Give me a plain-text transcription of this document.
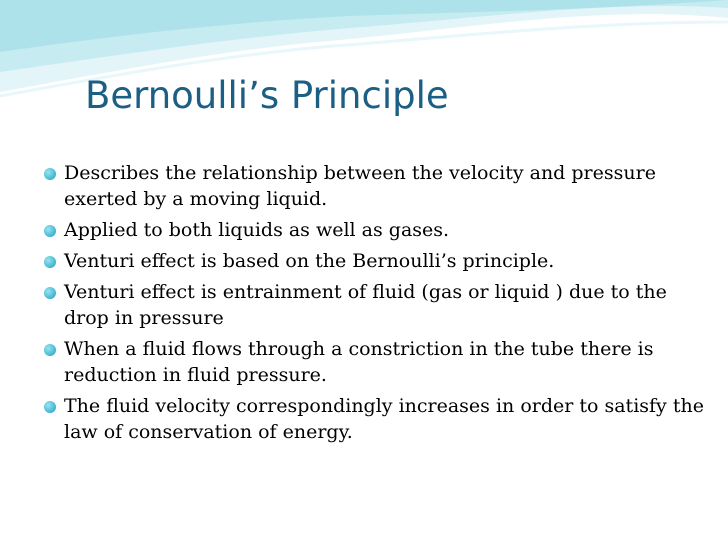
Bernoulli’s Principle
Describes the relationship between the velocity and pressure exerted by a moving liquid.
Applied to both liquids as well as gases.
Venturi effect is based on the Bernoulli’s principle.
Venturi effect is entrainment of fluid (gas or liquid ) due to the drop in pressure
When a fluid flows through a constriction in the tube there is reduction in fluid pressure.
The fluid velocity correspondingly increases in order to satisfy the law of conservation of energy.
